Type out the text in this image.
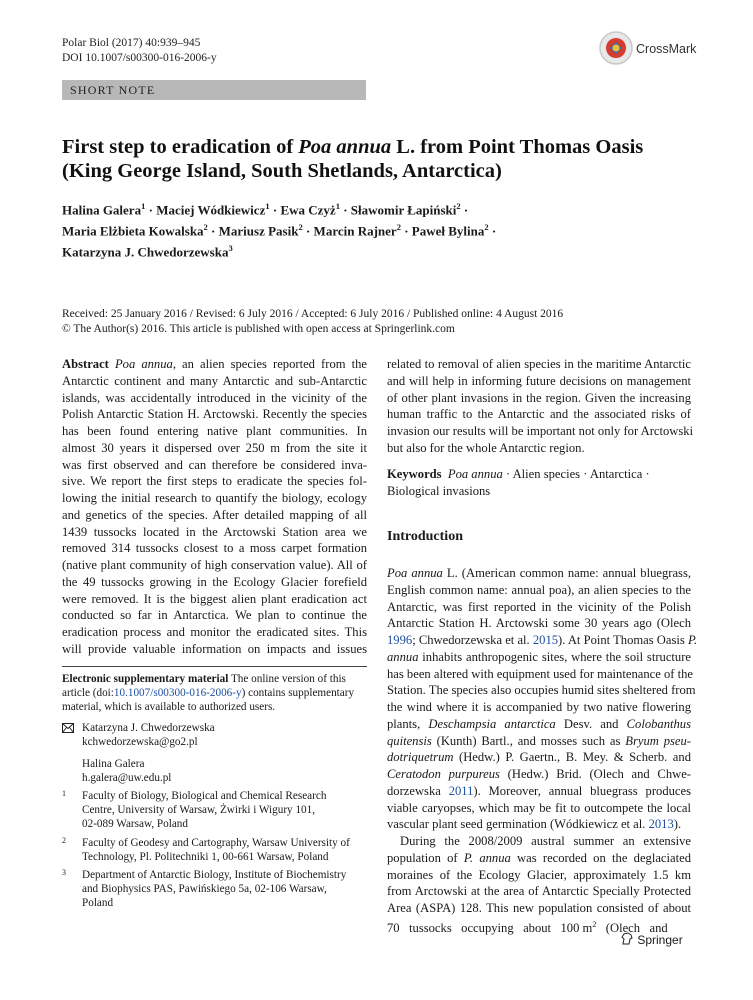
Polar Biol (2017) 40:939–945
DOI 10.1007/s00300-016-2006-y
CrossMark
SHORT NOTE
First step to eradication of Poa annua L. from Point Thomas Oasis
(King George Island, South Shetlands, Antarctica)
Halina Galera$^1$ · Maciej Wódkiewicz$^1$ · Ewa Czyż$^1$ · Sławomir Łapiński$^2$ ·
Maria Elżbieta Kowalska$^2$ · Mariusz Pasik$^2$ · Marcin Rajner$^2$ · Paweł Bylina$^2$ ·
Katarzyna J. Chwedorzewska$^3$
Received: 25 January 2016 / Revised: 6 July 2016 / Accepted: 6 July 2016 / Published online: 4 August 2016
© The Author(s) 2016. This article is published with open access at Springerlink.com
Abstract Poa annua, an alien species reported from the
Antarctic continent and many Antarctic and sub-Antarctic
islands, was accidentally introduced in the vicinity of the
Polish Antarctic Station H. Arctowski. Recently the species
has been found entering native plant communities. In
almost 30 years it dispersed over 250 m from the site it
was first observed and can therefore be considered inva-
sive. We report the first steps to eradicate the species fol-
lowing the initial research to quantify the biology, ecology
and genetics of the species. After detailed mapping of all
1439 tussocks located in the Arctowski Station area we
removed 314 tussocks closest to a moss carpet formation
(native plant community of high conservation value). All of
the 49 tussocks growing in the Ecology Glacier forefield
were removed. It is the biggest alien plant eradication act
conducted so far in Antarctica. We plan to continue the
eradication process and monitor the eradicated sites. This
will provide valuable information on impacts and issues
related to removal of alien species in the maritime Antarctic
and will help in informing future decisions on management
of other plant invasions in the region. Given the increasing
human traffic to the Antarctic and the associated risks of
invasion our results will be important not only for Arctowski
but also for the whole Antarctic region.
Keywords Poa annua · Alien species · Antarctica ·
Biological invasions
Introduction
Poa annua L. (American common name: annual bluegrass,
English common name: annual poa), an alien species to the
Antarctic, was first reported in the vicinity of the Polish
Antarctic Station H. Arctowski some 30 years ago (Olech
1996; Chwedorzewska et al. 2015). At Point Thomas Oasis P.
annua inhabits anthropogenic sites, where the soil structure
has been altered with equipment used for maintenance of the
Station. The species also occupies humid sites sheltered from
the wind where it is accompanied by two native flowering
plants, Deschampsia antarctica Desv. and Colobanthus
quitensis (Kunth) Bartl., and mosses such as Bryum pseu-
dotriquetrum (Hedw.) P. Gaertn., B. Mey. & Scherb. and
Ceratodon purpureus (Hedw.) Brid. (Olech and Chwe-
dorzewska 2011). Moreover, annual bluegrass produces
viable caryopses, which may be fit to outcompete the local
vascular plant seed germination (Wódkiewicz et al. 2013).
During the 2008/2009 austral summer an extensive
population of P. annua was recorded on the deglaciated
moraines of the Ecology Glacier, approximately 1.5 km
from Arctowski at the area of Antarctic Specially Protected
Area (ASPA) 128. This new population consisted of about
70   tussocks   occupying   about   100 $m^2$   (Olech   and
Electronic supplementary material The online version of this
article (doi:10.1007/s00300-016-2006-y) contains supplementary
material, which is available to authorized users.
Katarzyna J. Chwedorzewska
kchwedorzewska@go2.pl
Halina Galera
h.galera@uw.edu.pl
1 Faculty of Biology, Biological and Chemical Research
Centre, University of Warsaw, Żwirki i Wigury 101,
02-089 Warsaw, Poland
2 Faculty of Geodesy and Cartography, Warsaw University of
Technology, Pl. Politechniki 1, 00-661 Warsaw, Poland
3 Department of Antarctic Biology, Institute of Biochemistry
and Biophysics PAS, Pawińskiego 5a, 02-106 Warsaw,
Poland
Springer
